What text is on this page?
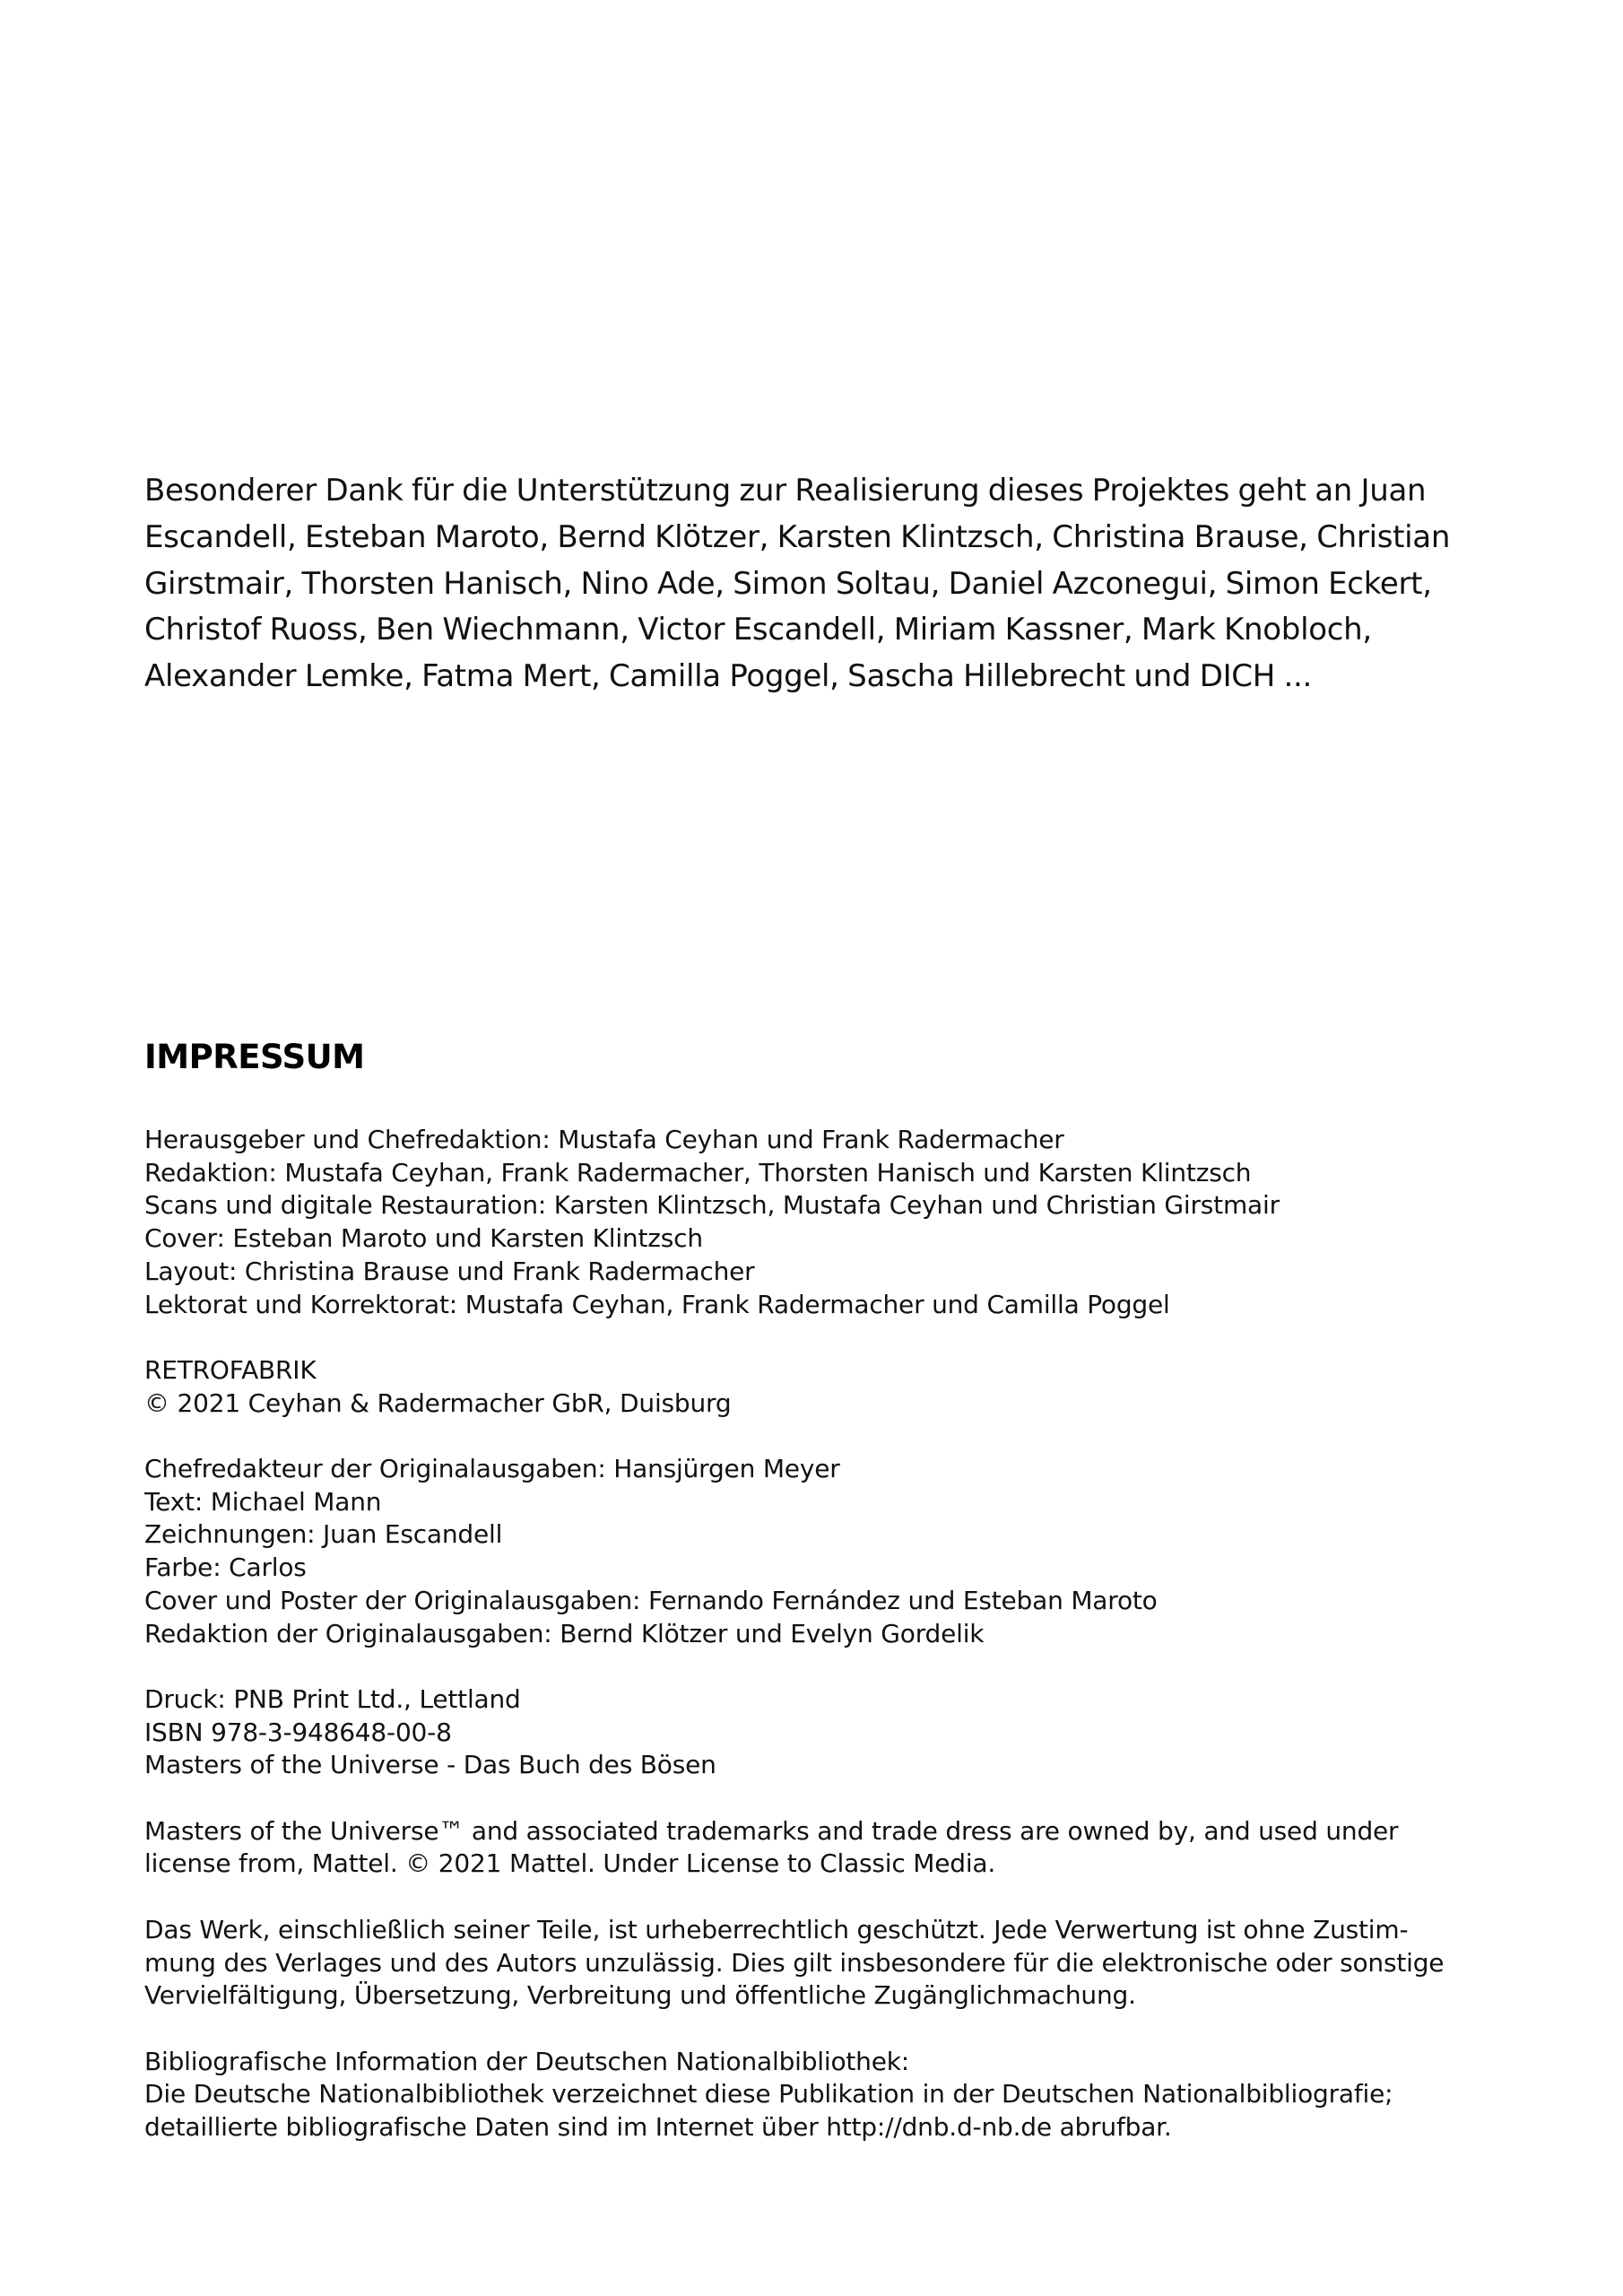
Besonderer Dank für die Unterstützung zur Realisierung dieses Projektes geht an Juan Escandell, Esteban Maroto, Bernd Klötzer, Karsten Klintzsch, Christina Brause, Christian Girstmair, Thorsten Hanisch, Nino Ade, Simon Soltau, Daniel Azconegui, Simon Eckert, Christof Ruoss, Ben Wiechmann, Victor Escandell, Miriam Kassner, Mark Knobloch, Alexander Lemke, Fatma Mert, Camilla Poggel, Sascha Hillebrecht und DICH ...

IMPRESSUM

Herausgeber und Chefredaktion: Mustafa Ceyhan und Frank Radermacher
Redaktion: Mustafa Ceyhan, Frank Radermacher, Thorsten Hanisch und Karsten Klintzsch
Scans und digitale Restauration: Karsten Klintzsch, Mustafa Ceyhan und Christian Girstmair
Cover: Esteban Maroto und Karsten Klintzsch
Layout: Christina Brause und Frank Radermacher
Lektorat und Korrektorat: Mustafa Ceyhan, Frank Radermacher und Camilla Poggel

RETROFABRIK
© 2021 Ceyhan & Radermacher GbR, Duisburg

Chefredakteur der Originalausgaben: Hansjürgen Meyer
Text: Michael Mann
Zeichnungen: Juan Escandell
Farbe: Carlos
Cover und Poster der Originalausgaben: Fernando Fernández und Esteban Maroto
Redaktion der Originalausgaben: Bernd Klötzer und Evelyn Gordelik

Druck: PNB Print Ltd., Lettland
ISBN 978-3-948648-00-8
Masters of the Universe - Das Buch des Bösen

Masters of the Universe™ and associated trademarks and trade dress are owned by, and used under
license from, Mattel. © 2021 Mattel. Under License to Classic Media.

Das Werk, einschließlich seiner Teile, ist urheberrechtlich geschützt. Jede Verwertung ist ohne Zustim-
mung des Verlages und des Autors unzulässig. Dies gilt insbesondere für die elektronische oder sonstige
Vervielfältigung, Übersetzung, Verbreitung und öffentliche Zugänglichmachung.

Bibliografische Information der Deutschen Nationalbibliothek:
Die Deutsche Nationalbibliothek verzeichnet diese Publikation in der Deutschen Nationalbibliografie;
detaillierte bibliografische Daten sind im Internet über http://dnb.d-nb.de abrufbar.
